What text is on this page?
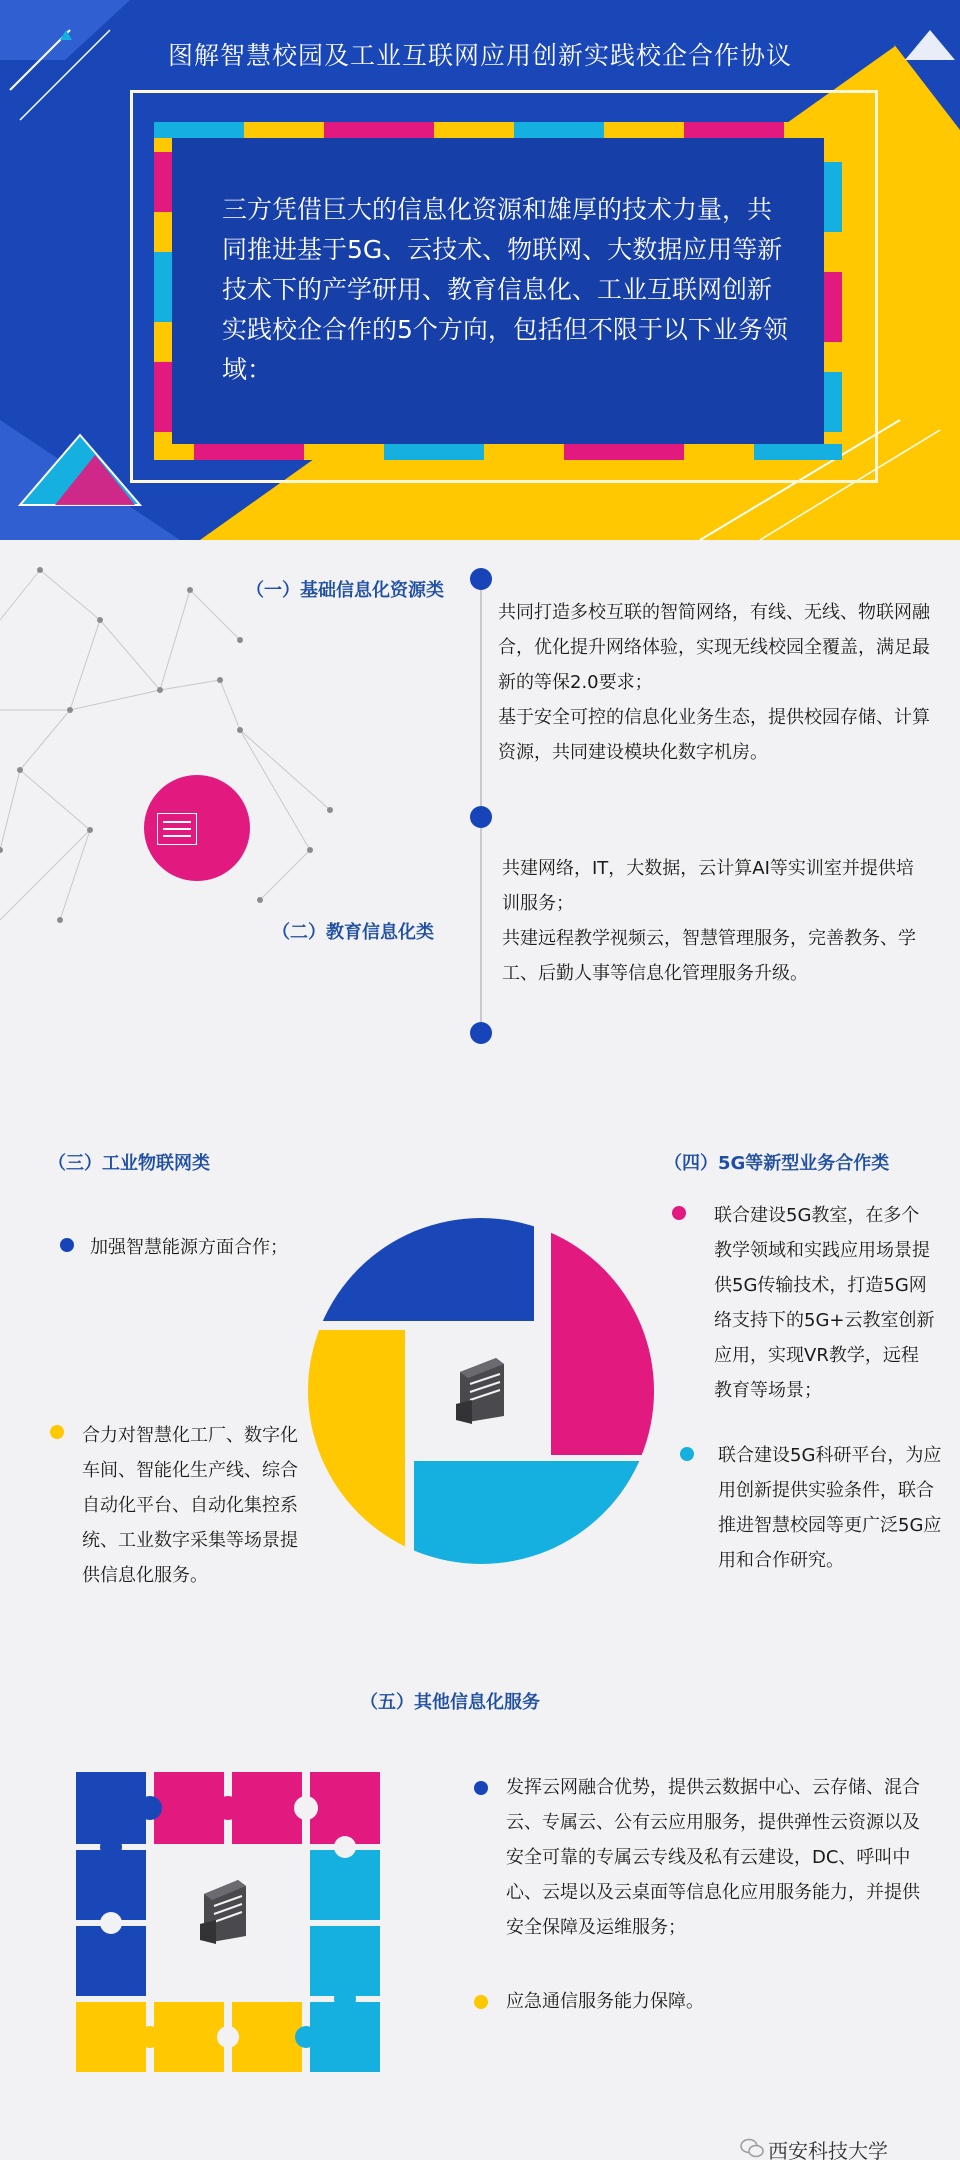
图解智慧校园及工业互联网应用创新实践校企合作协议
三方凭借巨大的信息化资源和雄厚的技术力量，共同推进基于5G、云技术、物联网、大数据应用等新技术下的产学研用、教育信息化、工业互联网创新实践校企合作的5个方向，包括但不限于以下业务领域：
（一）基础信息化资源类
共同打造多校互联的智简网络，有线、无线、物联网融合，优化提升网络体验，实现无线校园全覆盖，满足最新的等保2.0要求；
基于安全可控的信息化业务生态，提供校园存储、计算资源，共同建设模块化数字机房。
（二）教育信息化类
共建网络，IT，大数据，云计算AI等实训室并提供培训服务；
共建远程教学视频云，智慧管理服务，完善教务、学工、后勤人事等信息化管理服务升级。
（三）工业物联网类	（四）5G等新型业务合作类
加强智慧能源方面合作；
合力对智慧化工厂、数字化车间、智能化生产线、综合自动化平台、自动化集控系统、工业数字采集等场景提供信息化服务。
联合建设5G教室，在多个教学领域和实践应用场景提供5G传输技术，打造5G网络支持下的5G+云教室创新应用，实现VR教学，远程教育等场景；
联合建设5G科研平台，为应用创新提供实验条件，联合推进智慧校园等更广泛5G应用和合作研究。
（五）其他信息化服务
发挥云网融合优势，提供云数据中心、云存储、混合云、专属云、公有云应用服务，提供弹性云资源以及安全可靠的专属云专线及私有云建设，DC、呼叫中心、云堤以及云桌面等信息化应用服务能力，并提供安全保障及运维服务；
应急通信服务能力保障。
西安科技大学
